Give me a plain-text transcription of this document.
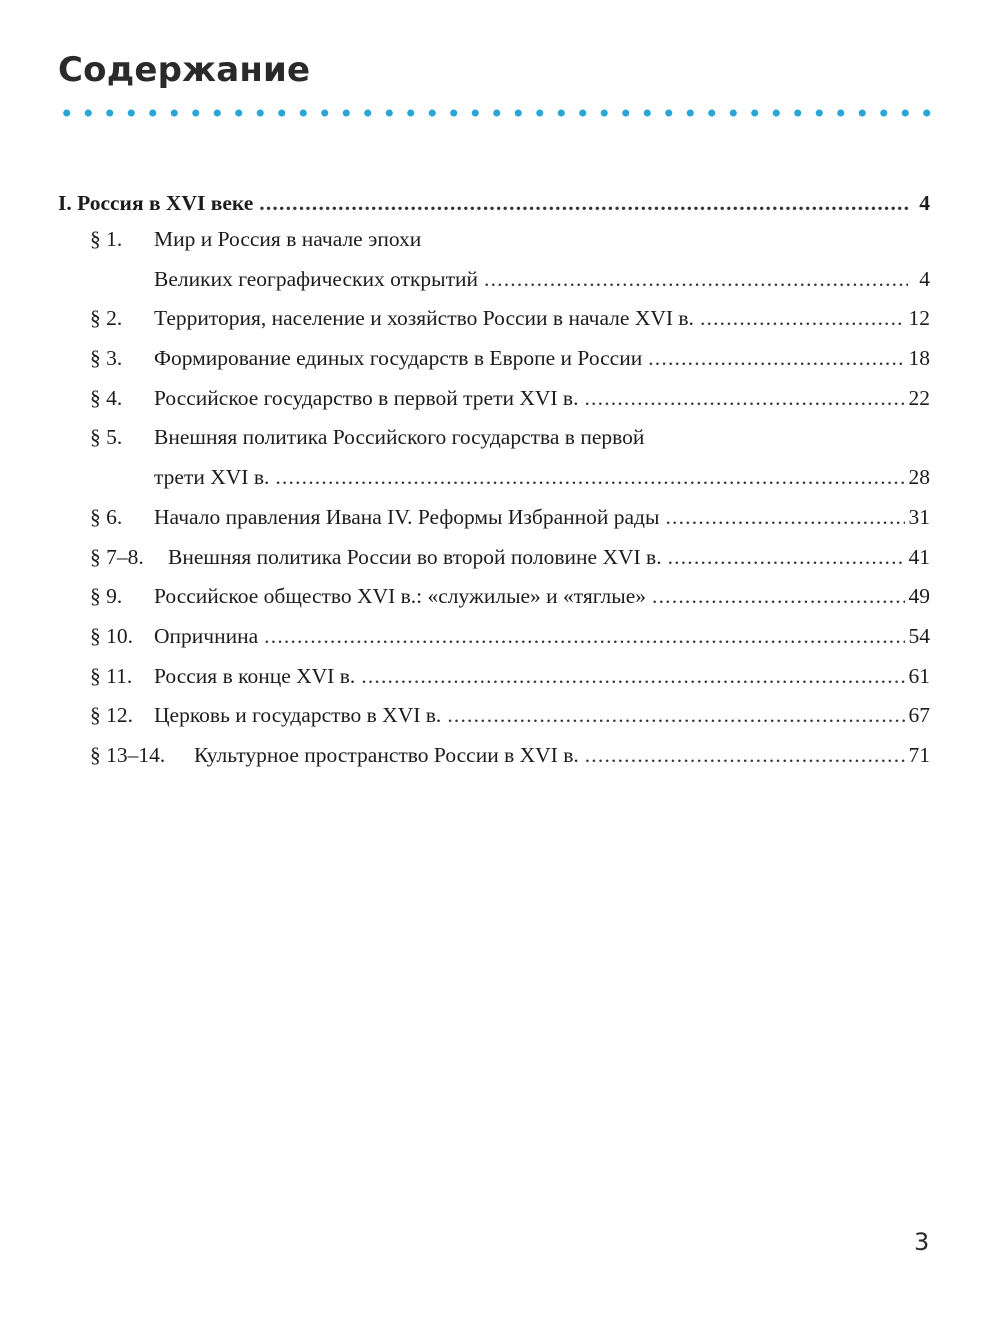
Содержание
I. Россия в XVI веке .....	4
§ 1. Мир и Россия в начале эпохи
Великих географических открытий .....	4
§ 2. Территория, население и хозяйство России в начале XVI в. .....	12
§ 3. Формирование единых государств в Европе и России .....	18
§ 4. Российское государство в первой трети XVI в. .....	22
§ 5. Внешняя политика Российского государства в первой
трети XVI в. .....	28
§ 6. Начало правления Ивана IV. Реформы Избранной рады .....	31
§ 7–8. Внешняя политика России во второй половине XVI в. .....	41
§ 9. Российское общество XVI в.: «служилые» и «тяглые» .....	49
§ 10. Опричнина .....	54
§ 11. Россия в конце XVI в. .....	61
§ 12. Церковь и государство в XVI в. .....	67
§ 13–14. Культурное пространство России в XVI в. .....	71
3
